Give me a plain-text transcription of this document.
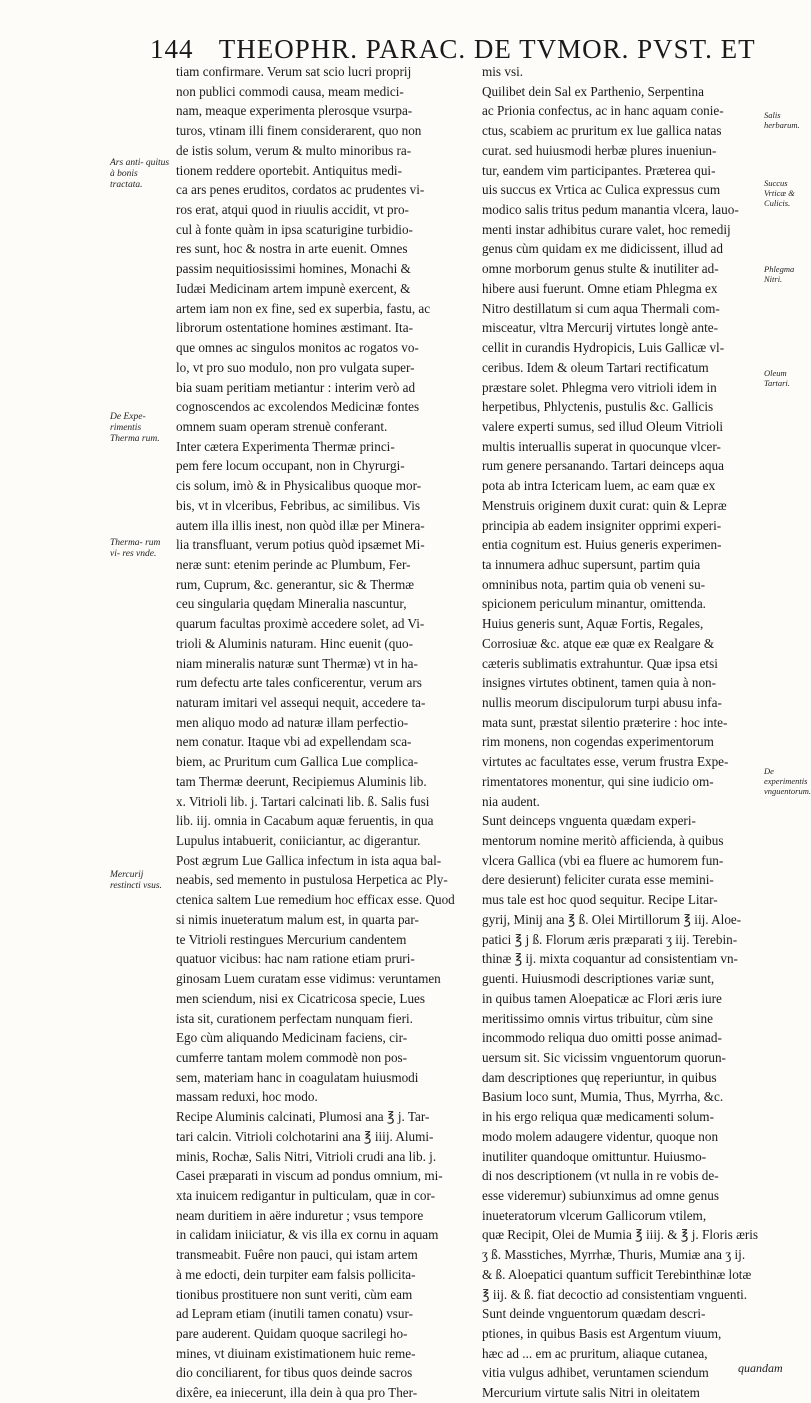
144 THEOPHR. PARAC. DE TVMOR. PVST. ET
tiam confirmare. Verum sat scio lucri proprij
non publici commodi causa, meam medici-
nam, meaque experimenta plerosque vsurpa-
turos, vtinam illi finem considerarent, quo non
de istis solum, verum & multo minoribus ra-
tionem reddere oportebit. Antiquitus medi-
ca ars penes eruditos, cordatos ac prudentes vi-
ros erat, atqui quod in riuulis accidit, vt pro-
cul à fonte quàm in ipsa scaturigine turbidio-
res sunt, hoc & nostra in arte euenit. Omnes
passim nequitiosissimi homines, Monachi &
Iudæi Medicinam artem impunè exercent, &
artem iam non ex fine, sed ex superbia, fastu, ac
librorum ostentatione homines æstimant. Ita-
que omnes ac singulos monitos ac rogatos vo-
lo, vt pro suo modulo, non pro vulgata super-
bia suam peritiam metiantur : interim verò ad
cognoscendos ac excolendos Medicinæ fontes
omnem suam operam strenuè conferant.
Inter cætera Experimenta Thermæ princi-
pem fere locum occupant, non in Chyrurgi-
cis solum, imò & in Physicalibus quoque mor-
bis, vt in vlceribus, Febribus, ac similibus. Vis
autem illa illis inest, non quòd illæ per Minera-
lia transfluant, verum potius quòd ipsæmet Mi-
neræ sunt: etenim perinde ac Plumbum, Fer-
rum, Cuprum, &c. generantur, sic & Thermæ
ceu singularia quędam Mineralia nascuntur,
quarum facultas proximè accedere solet, ad Vi-
trioli & Aluminis naturam. Hinc euenit (quo-
niam mineralis naturæ sunt Thermæ) vt in ha-
rum defectu arte tales conficerentur, verum ars
naturam imitari vel assequi nequit, accedere ta-
men aliquo modo ad naturæ illam perfectio-
nem conatur. Itaque vbi ad expellendam sca-
biem, ac Pruritum cum Gallica Lue complica-
tam Thermæ deerunt, Recipiemus Aluminis lib.
x. Vitrioli lib. j. Tartari calcinati lib. ß. Salis fusi
lib. iij. omnia in Cacabum aquæ feruentis, in qua
Lupulus intabuerit, coniiciantur, ac digerantur.
Post ægrum Lue Gallica infectum in ista aqua bal-
neabis, sed memento in pustulosa Herpetica ac Ply-
ctenica saltem Lue remedium hoc efficax esse. Quod
si nimis inueteratum malum est, in quarta par-
te Vitrioli restingues Mercurium candentem
quatuor vicibus: hac nam ratione etiam pruri-
ginosam Luem curatam esse vidimus: veruntamen
men sciendum, nisi ex Cicatricosa specie, Lues
ista sit, curationem perfectam nunquam fieri.
Ego cùm aliquando Medicinam faciens, cir-
cumferre tantam molem commodè non pos-
sem, materiam hanc in coagulatam huiusmodi
massam reduxi, hoc modo.
Recipe Aluminis calcinati, Plumosi ana ℥ j. Tar-
tari calcin. Vitrioli colchotarini ana ℥ iiij. Alumi-
minis, Rochæ, Salis Nitri, Vitrioli crudi ana lib. j.
Casei præparati in viscum ad pondus omnium, mi-
xta inuicem redigantur in pulticulam, quæ in cor-
neam duritiem in aëre induretur ; vsus tempore
in calidam iniiciatur, & vis illa ex cornu in aquam
transmeabit. Fuêre non pauci, qui istam artem
à me edocti, dein turpiter eam falsis pollicita-
tionibus prostituere non sunt veriti, cùm eam
ad Lepram etiam (inutili tamen conatu) vsur-
pare auderent. Quidam quoque sacrilegi ho-
mines, vt diuinam existimationem huic reme-
dio conciliarent, for tibus quos deinde sacros
dixêre, ea iniecerunt, illa dein à qua pro Ther-
mis vsi.
Quilibet dein Sal ex Parthenio, Serpentina
ac Prionia confectus, ac in hanc aquam conie-
ctus, scabiem ac pruritum ex lue gallica natas
curat. sed huiusmodi herbæ plures inueniun-
tur, eandem vim participantes. Præterea qui-
uis succus ex Vrtica ac Culica expressus cum
modico salis tritus pedum manantia vlcera, lauo-
menti instar adhibitus curare valet, hoc remedij
genus cùm quidam ex me didicissent, illud ad
omne morborum genus stulte & inutiliter ad-
hibere ausi fuerunt. Omne etiam Phlegma ex
Nitro destillatum si cum aqua Thermali com-
misceatur, vltra Mercurij virtutes longè ante-
cellit in curandis Hydropicis, Luis Gallicæ vl-
ceribus. Idem & oleum Tartari rectificatum
præstare solet. Phlegma vero vitrioli idem in
herpetibus, Phlyctenis, pustulis &c. Gallicis
valere experti sumus, sed illud Oleum Vitrioli
multis interuallis superat in quocunque vlcer-
rum genere persanando. Tartari deinceps aqua
pota ab intra Ictericam luem, ac eam quæ ex
Menstruis originem duxit curat: quin & Lepræ
principia ab eadem insigniter opprimi experi-
entia cognitum est. Huius generis experimen-
ta innumera adhuc supersunt, partim quia
omninibus nota, partim quia ob veneni su-
spicionem periculum minantur, omittenda.
Huius generis sunt, Aquæ Fortis, Regales,
Corrosiuæ &c. atque eæ quæ ex Realgare &
cæteris sublimatis extrahuntur. Quæ ipsa etsi
insignes virtutes obtinent, tamen quia à non-
nullis meorum discipulorum turpi abusu infa-
mata sunt, præstat silentio præterire : hoc inte-
rim monens, non cogendas experimentorum
virtutes ac facultates esse, verum frustra Expe-
rimentatores monentur, qui sine iudicio om-
nia audent.
Sunt deinceps vnguenta quædam experi-
mentorum nomine meritò afficienda, à quibus
vlcera Gallica (vbi ea fluere ac humorem fun-
dere desierunt) feliciter curata esse memini-
mus tale est hoc quod sequitur. Recipe Litar-
gyrij, Minij ana ℥ ß. Olei Mirtillorum ℥ iij. Aloe-
patici ℥ j ß. Florum æris præparati ʒ iij. Terebin-
thinæ ℥ ij. mixta coquantur ad consistentiam vn-
guenti. Huiusmodi descriptiones variæ sunt,
in quibus tamen Aloepaticæ ac Flori æris iure
meritissimo omnis virtus tribuitur, cùm sine
incommodo reliqua duo omitti posse animad-
uersum sit. Sic vicissim vnguentorum quorun-
dam descriptiones quę reperiuntur, in quibus
Basium loco sunt, Mumia, Thus, Myrrha, &c.
in his ergo reliqua quæ medicamenti solum-
modo molem adaugere videntur, quoque non
inutiliter quandoque omittuntur. Huiusmo-
di nos descriptionem (vt nulla in re vobis de-
esse videremur) subiunximus ad omne genus
inueteratorum vlcerum Gallicorum vtilem,
quæ Recipit, Olei de Mumia ℥ iiij. & ℥ j. Floris æris
ʒ ß. Masstiches, Myrrhæ, Thuris, Mumiæ ana ʒ ij.
& ß. Aloepatici quantum sufficit Terebinthinæ lotæ
℥ iij. & ß. fiat decoctio ad consistentiam vnguenti.
Sunt deinde vnguentorum quædam descri-
ptiones, in quibus Basis est Argentum viuum,
hæc ad ... em ac pruritum, aliaque cutanea,
vitia vulgus adhibet, veruntamen sciendum
Mercurium virtute salis Nitri in oleitatem
Ars anti- quitus à bonis tractata.
De Expe- rimentis Therma rum.
Therma- rum vi- res vnde.
Mercurij restincti vsus.
Salis herbarum.
Succus Vrticæ & Culicis.
Phlegma Nitri.
Oleum Tartari.
De experimentis vnguentorum.
quandam
